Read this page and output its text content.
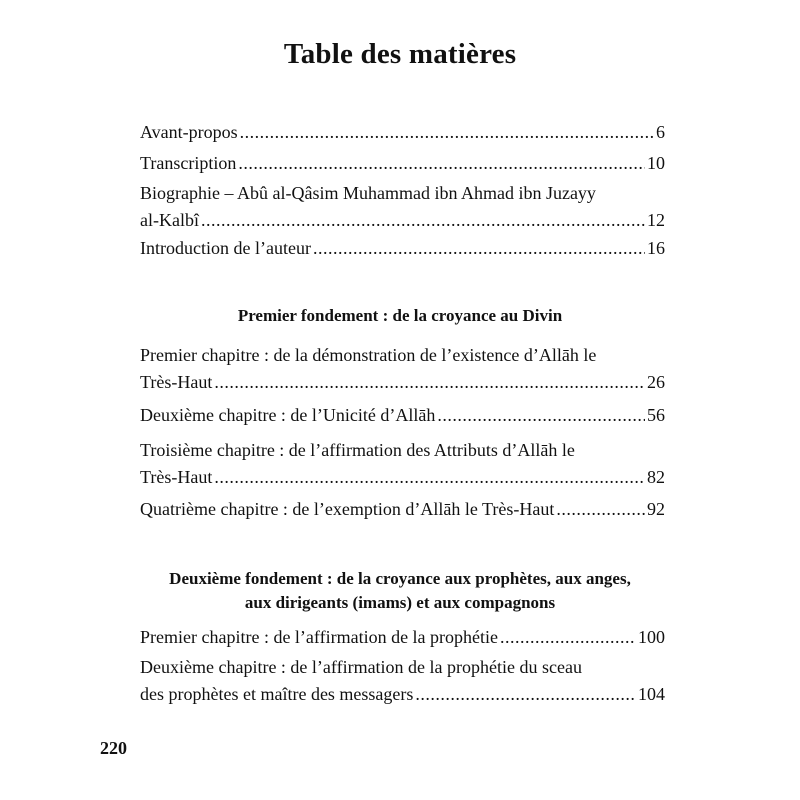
Table des matières
Avant-propos .....	6
Transcription .....	10
Biographie – Abû al-Qâsim Muhammad ibn Ahmad ibn Juzayy
al-Kalbî .....	12
Introduction de l’auteur .....	16
Premier fondement : de la croyance au Divin
Premier chapitre : de la démonstration de l’existence d’Allāh le
Très-Haut .....	26
Deuxième chapitre : de l’Unicité d’Allāh .....	56
Troisième chapitre : de l’affirmation des Attributs d’Allāh le
Très-Haut .....	82
Quatrième chapitre : de l’exemption d’Allāh le Très-Haut .....	92
Deuxième fondement : de la croyance aux prophètes, aux anges,
aux dirigeants (imams) et aux compagnons
Premier chapitre : de l’affirmation de la prophétie .....	100
Deuxième chapitre : de l’affirmation de la prophétie du sceau
des prophètes et maître des messagers .....	104
220
